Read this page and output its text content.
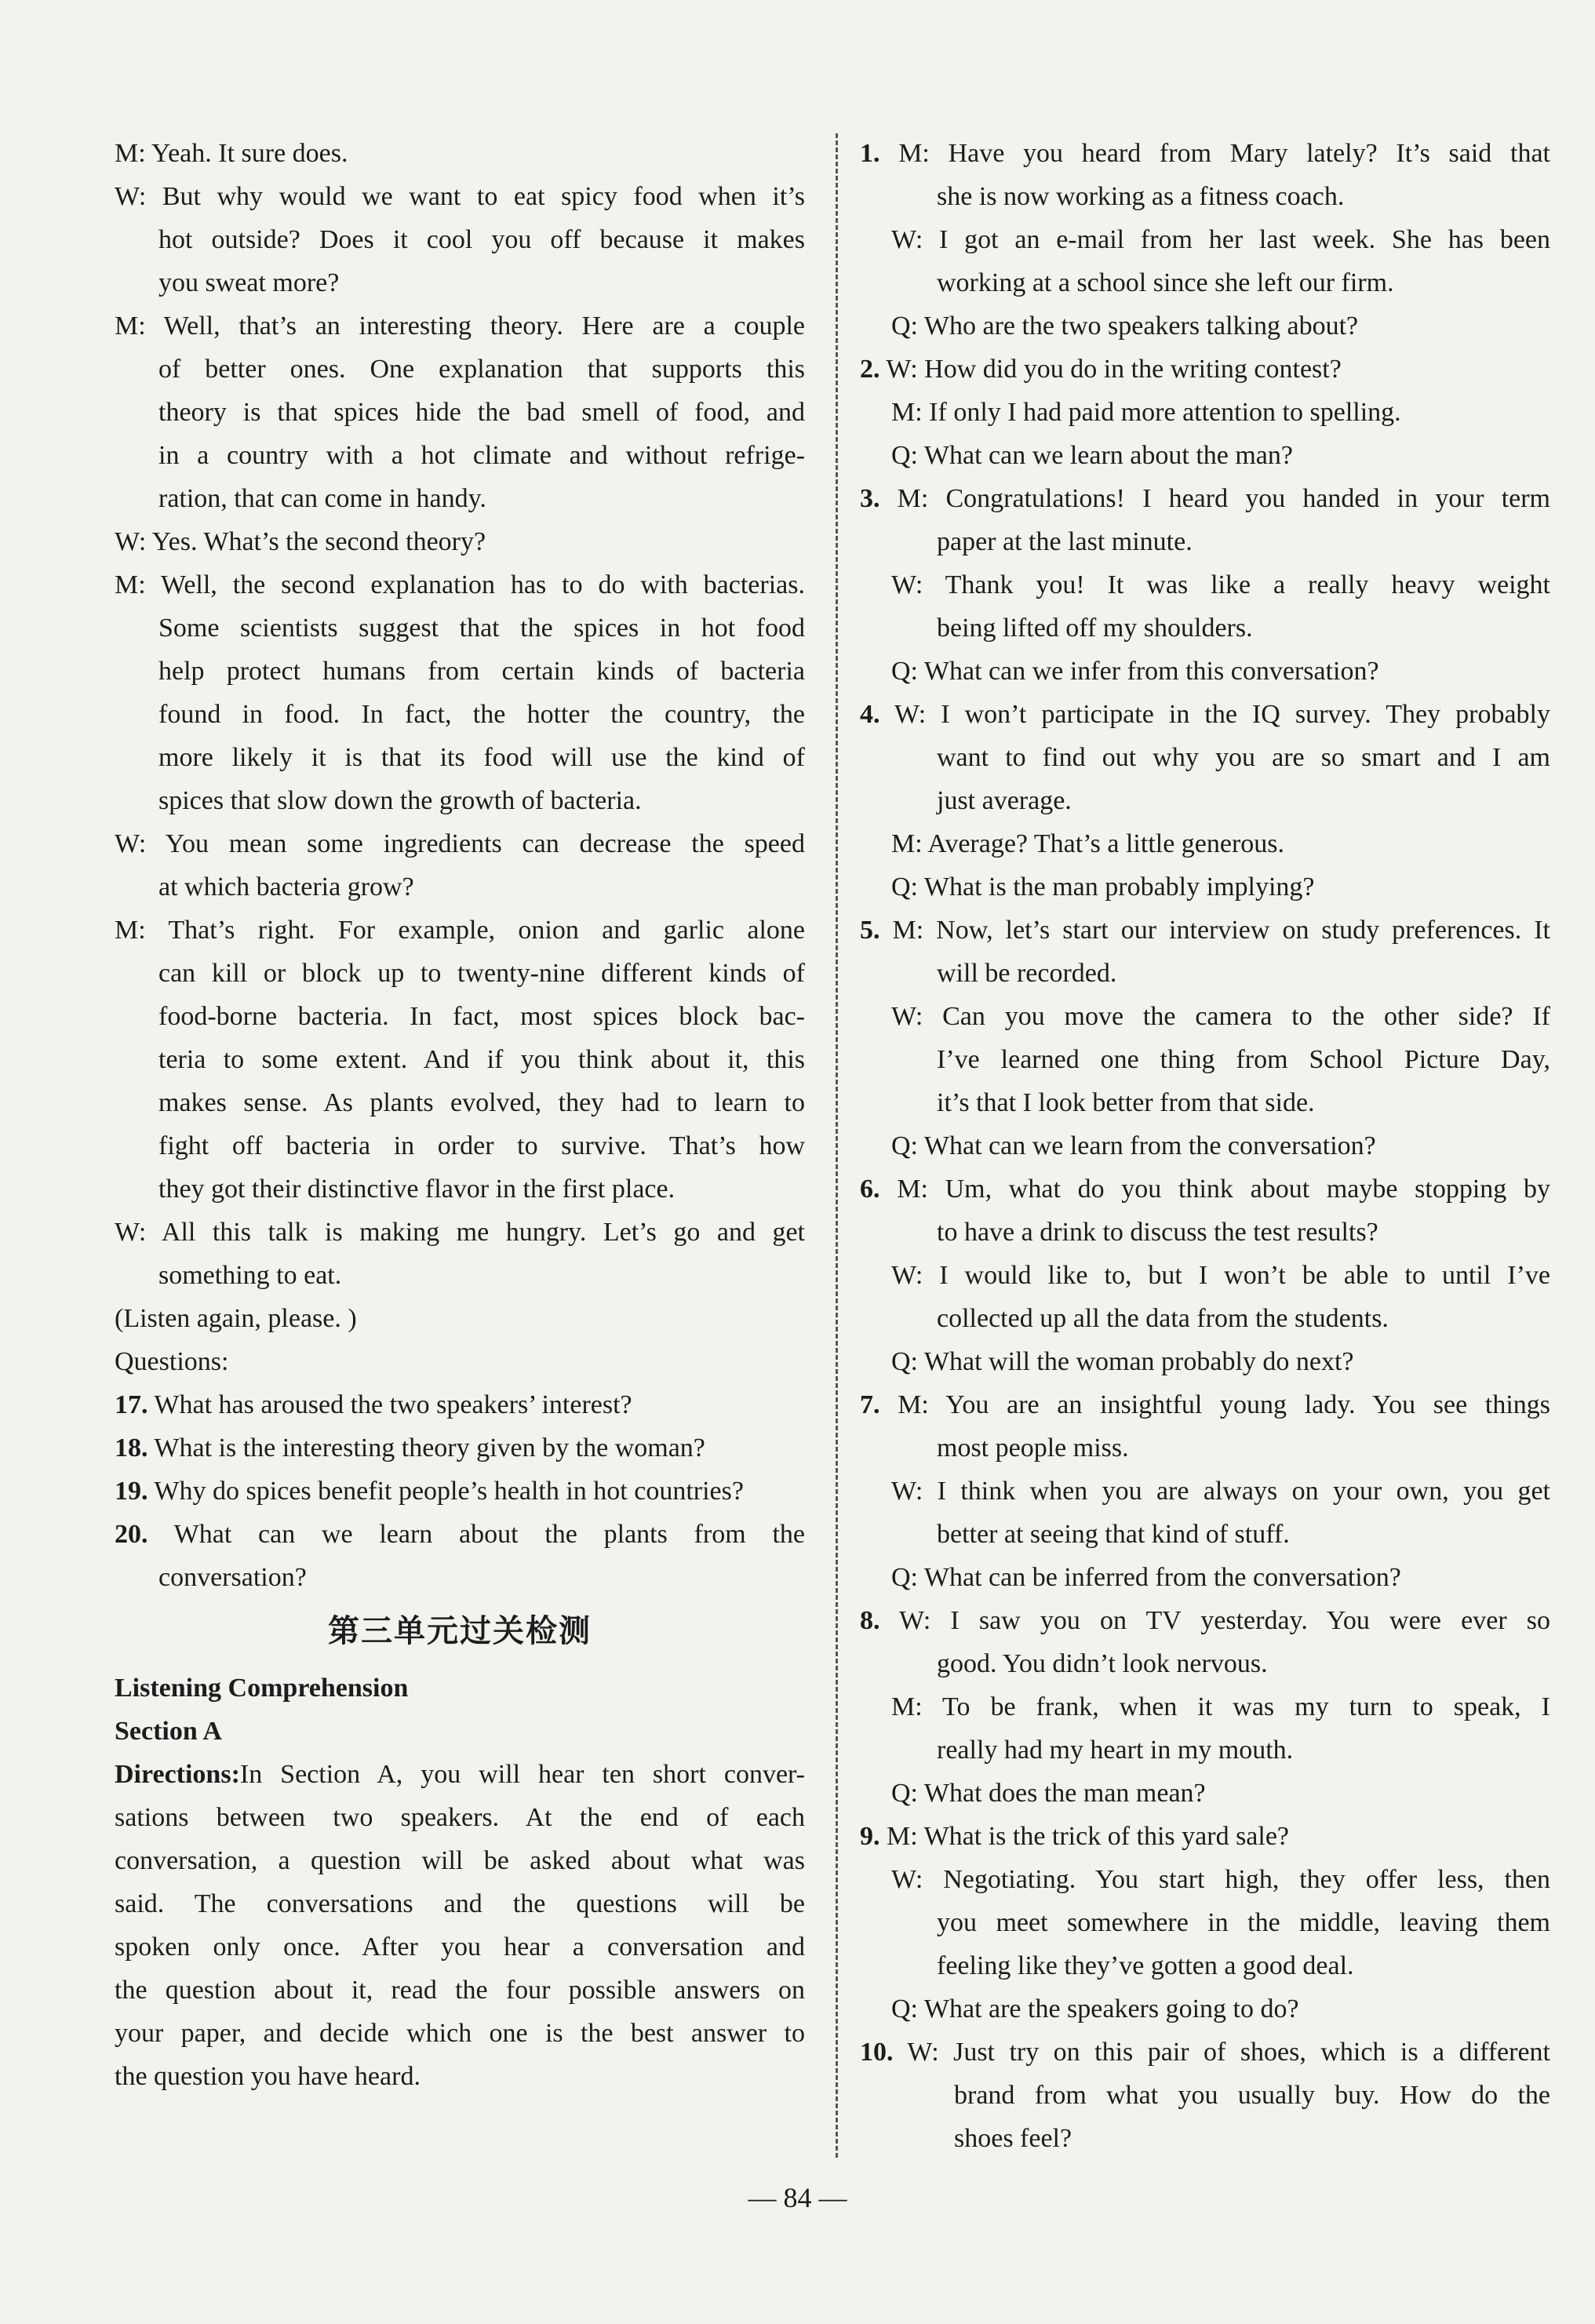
M: Yeah. It sure does.
W: But why would we want to eat spicy food when it’s
hot outside? Does it cool you off because it makes
you sweat more?
M: Well, that’s an interesting theory. Here are a couple
of better ones. One explanation that supports this
theory is that spices hide the bad smell of food, and
in a country with a hot climate and without refrige-
ration, that can come in handy.
W: Yes. What’s the second theory?
M: Well, the second explanation has to do with bacterias.
Some scientists suggest that the spices in hot food
help protect humans from certain kinds of bacteria
found in food. In fact, the hotter the country, the
more likely it is that its food will use the kind of
spices that slow down the growth of bacteria.
W: You mean some ingredients can decrease the speed
at which bacteria grow?
M: That’s right. For example, onion and garlic alone
can kill or block up to twenty-nine different kinds of
food-borne bacteria. In fact, most spices block bac-
teria to some extent. And if you think about it, this
makes sense. As plants evolved, they had to learn to
fight off bacteria in order to survive. That’s how
they got their distinctive flavor in the first place.
W: All this talk is making me hungry. Let’s go and get
something to eat.
(Listen again, please. )
Questions:
17. What has aroused the two speakers’ interest?
18. What is the interesting theory given by the woman?
19. Why do spices benefit people’s health in hot countries?
20. What can we learn about the plants from the
conversation?
第三单元过关检测
Listening Comprehension
Section A
Directions:In Section A, you will hear ten short conver-
sations between two speakers. At the end of each
conversation, a question will be asked about what was
said. The conversations and the questions will be
spoken only once. After you hear a conversation and
the question about it, read the four possible answers on
your paper, and decide which one is the best answer to
the question you have heard.
1. M: Have you heard from Mary lately? It’s said that
she is now working as a fitness coach.
W: I got an e-mail from her last week. She has been
working at a school since she left our firm.
Q: Who are the two speakers talking about?
2. W: How did you do in the writing contest?
M: If only I had paid more attention to spelling.
Q: What can we learn about the man?
3. M: Congratulations! I heard you handed in your term
paper at the last minute.
W: Thank you! It was like a really heavy weight
being lifted off my shoulders.
Q: What can we infer from this conversation?
4. W: I won’t participate in the IQ survey. They probably
want to find out why you are so smart and I am
just average.
M: Average? That’s a little generous.
Q: What is the man probably implying?
5. M: Now, let’s start our interview on study preferences. It
will be recorded.
W: Can you move the camera to the other side? If
I’ve learned one thing from School Picture Day,
it’s that I look better from that side.
Q: What can we learn from the conversation?
6. M: Um, what do you think about maybe stopping by
to have a drink to discuss the test results?
W: I would like to, but I won’t be able to until I’ve
collected up all the data from the students.
Q: What will the woman probably do next?
7. M: You are an insightful young lady. You see things
most people miss.
W: I think when you are always on your own, you get
better at seeing that kind of stuff.
Q: What can be inferred from the conversation?
8. W: I saw you on TV yesterday. You were ever so
good. You didn’t look nervous.
M: To be frank, when it was my turn to speak, I
really had my heart in my mouth.
Q: What does the man mean?
9. M: What is the trick of this yard sale?
W: Negotiating. You start high, they offer less, then
you meet somewhere in the middle, leaving them
feeling like they’ve gotten a good deal.
Q: What are the speakers going to do?
10. W: Just try on this pair of shoes, which is a different
brand from what you usually buy. How do the
shoes feel?
— 84 —
